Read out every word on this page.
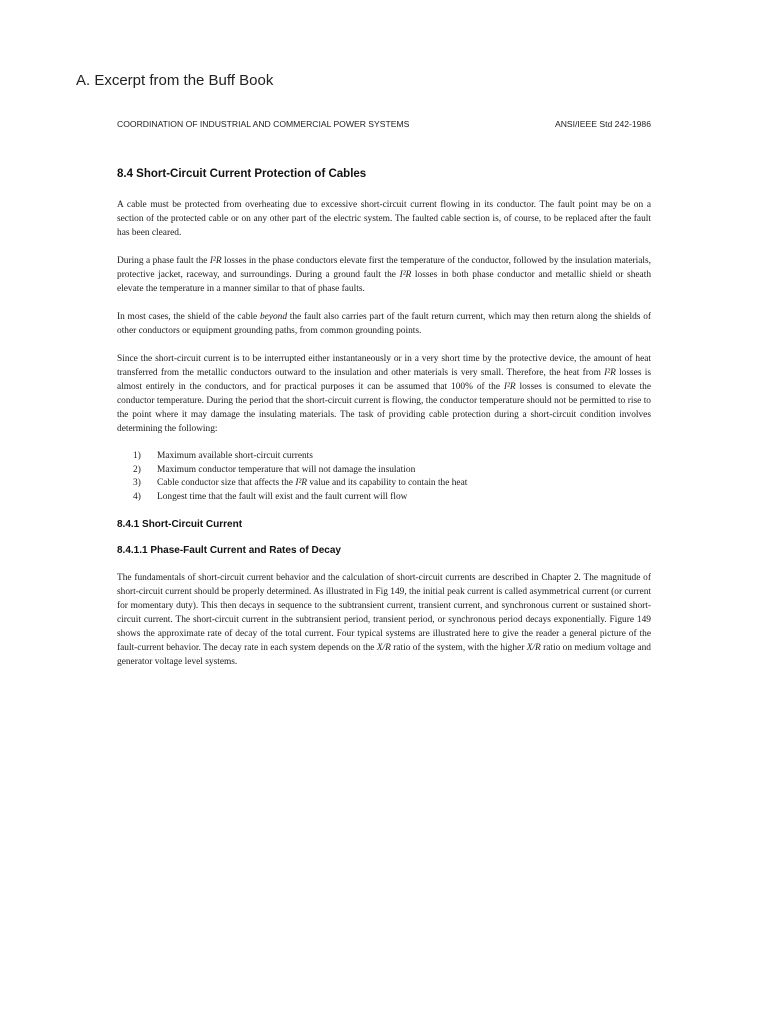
A. Excerpt from the Buff Book
COORDINATION OF INDUSTRIAL AND COMMERCIAL POWER SYSTEMS	ANSI/IEEE Std 242-1986
8.4 Short-Circuit Current Protection of Cables

A cable must be protected from overheating due to excessive short-circuit current flowing in its conductor. The fault point may be on a section of the protected cable or on any other part of the electric system. The faulted cable section is, of course, to be replaced after the fault has been cleared.

During a phase fault the I²R losses in the phase conductors elevate first the temperature of the conductor, followed by the insulation materials, protective jacket, raceway, and surroundings. During a ground fault the I²R losses in both phase conductor and metallic shield or sheath elevate the temperature in a manner similar to that of phase faults.

In most cases, the shield of the cable beyond the fault also carries part of the fault return current, which may then return along the shields of other conductors or equipment grounding paths, from common grounding points.

Since the short-circuit current is to be interrupted either instantaneously or in a very short time by the protective device, the amount of heat transferred from the metallic conductors outward to the insulation and other materials is very small. Therefore, the heat from I²R losses is almost entirely in the conductors, and for practical purposes it can be assumed that 100% of the I²R losses is consumed to elevate the conductor temperature. During the period that the short-circuit current is flowing, the conductor temperature should not be permitted to rise to the point where it may damage the insulating materials. The task of providing cable protection during a short-circuit condition involves determining the following:

1)	Maximum available short-circuit currents
2)	Maximum conductor temperature that will not damage the insulation
3)	Cable conductor size that affects the I²R value and its capability to contain the heat
4)	Longest time that the fault will exist and the fault current will flow
8.4.1 Short-Circuit Current
8.4.1.1 Phase-Fault Current and Rates of Decay

The fundamentals of short-circuit current behavior and the calculation of short-circuit currents are described in Chapter 2. The magnitude of short-circuit current should be properly determined. As illustrated in Fig 149, the initial peak current is called asymmetrical current (or current for momentary duty). This then decays in sequence to the subtransient current, transient current, and synchronous current or sustained short-circuit current. The short-circuit current in the subtransient period, transient period, or synchronous period decays exponentially. Figure 149 shows the approximate rate of decay of the total current. Four typical systems are illustrated here to give the reader a general picture of the fault-current behavior. The decay rate in each system depends on the X/R ratio of the system, with the higher X/R ratio on medium voltage and generator voltage level systems.
